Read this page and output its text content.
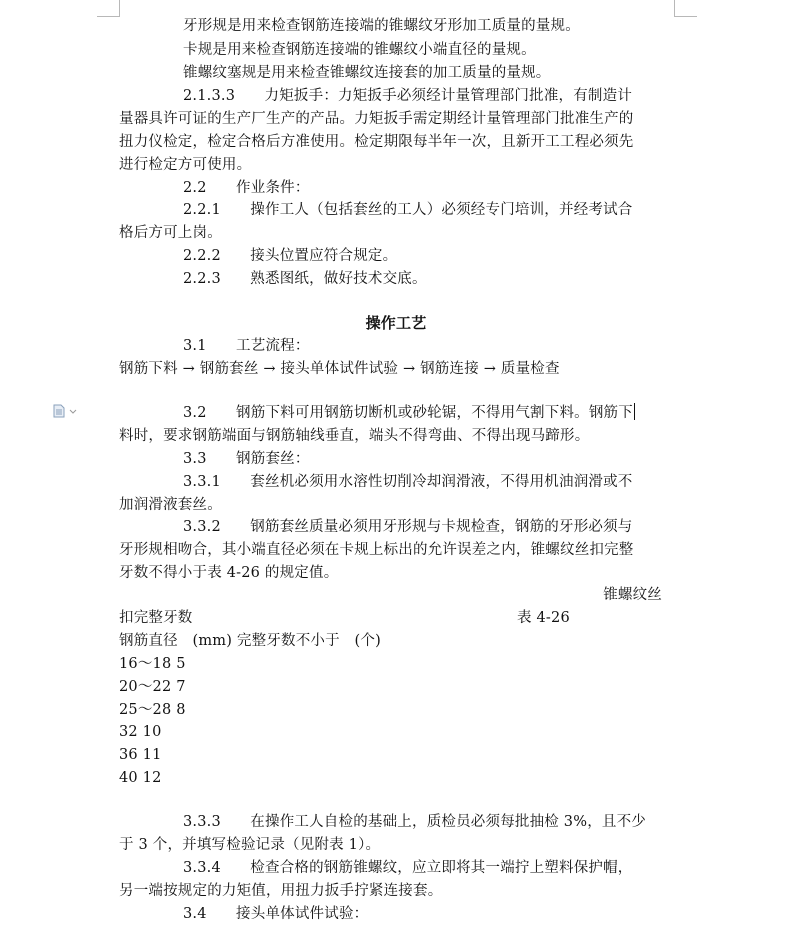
牙形规是用来检查钢筋连接端的锥螺纹牙形加工质量的量规。
卡规是用来检查钢筋连接端的锥螺纹小端直径的量规。
锥螺纹塞规是用来检查锥螺纹连接套的加工质量的量规。
2.1.3.3　　力矩扳手：力矩扳手必须经计量管理部门批准，有制造计
量器具许可证的生产厂生产的产品。力矩扳手需定期经计量管理部门批准生产的
扭力仪检定，检定合格后方准使用。检定期限每半年一次，且新开工工程必须先
进行检定方可使用。
2.2　　作业条件：
2.2.1　　操作工人（包括套丝的工人）必须经专门培训，并经考试合
格后方可上岗。
2.2.2　　接头位置应符合规定。
2.2.3　　熟悉图纸，做好技术交底。
操作工艺
3.1　　工艺流程：
钢筋下料 → 钢筋套丝 → 接头单体试件试验 → 钢筋连接 → 质量检查
3.2　　钢筋下料可用钢筋切断机或砂轮锯，不得用气割下料。钢筋下
料时，要求钢筋端面与钢筋轴线垂直，端头不得弯曲、不得出现马蹄形。
3.3　　钢筋套丝：
3.3.1　　套丝机必须用水溶性切削冷却润滑液，不得用机油润滑或不
加润滑液套丝。
3.3.2　　钢筋套丝质量必须用牙形规与卡规检查，钢筋的牙形必须与
牙形规相吻合，其小端直径必须在卡规上标出的允许误差之内，锥螺纹丝扣完整
牙数不得小于表 4-26 的规定值。
锥螺纹丝
扣完整牙数	表 4-26
钢筋直径　(mm) 完整牙数不小于　(个)
16～18 5
20～22 7
25～28 8
32 10
36 11
40 12
3.3.3　　在操作工人自检的基础上，质检员必须每批抽检 3%，且不少
于 3 个，并填写检验记录（见附表 1）。
3.3.4　　检查合格的钢筋锥螺纹，应立即将其一端拧上塑料保护帽，
另一端按规定的力矩值，用扭力扳手拧紧连接套。
3.4　　接头单体试件试验：
